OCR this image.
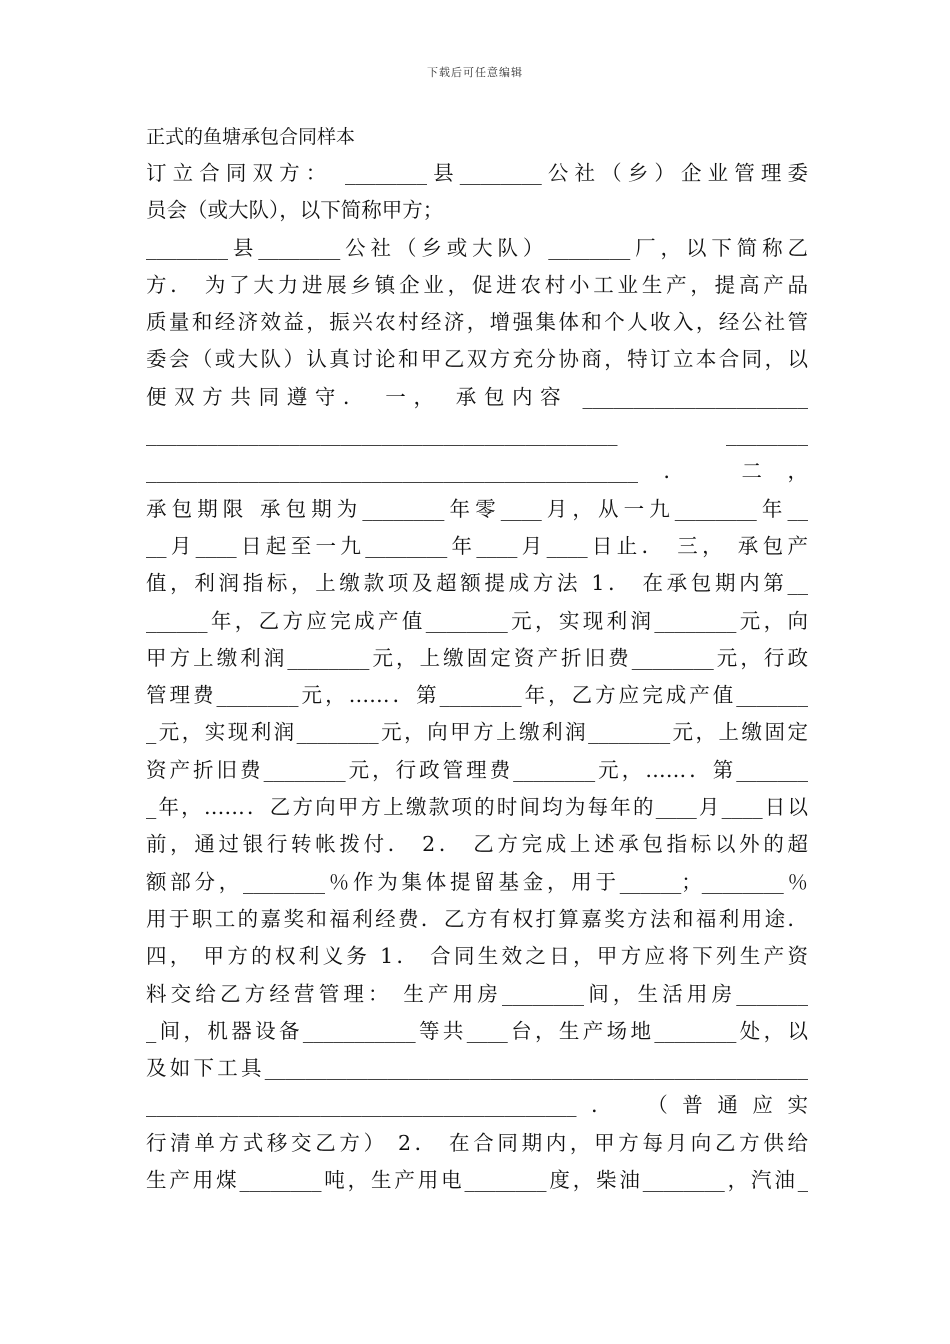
下载后可任意编辑
正式的鱼塘承包合同样本
订立合同双方： ________县________公社（乡）企业管理委
员会（或大队），以下简称甲方；
________县________公社（乡或大队）________厂，以下简称乙
方． 为了大力进展乡镇企业，促进农村小工业生产，提高产品
质量和经济效益，振兴农村经济，增强集体和个人收入，经公社管
委会（或大队）认真讨论和甲乙双方充分协商，特订立本合同，以
便双方共同遵守． 一， 承包内容 ______________________
______________________________________________ ________
________________________________________________． 二，
承包期限 承包期为________年零____月，从一九________年__
__月____日起至一九________年____月____日止． 三， 承包产
值，利润指标，上缴款项及超额提成方法 1． 在承包期内第__
______年，乙方应完成产值________元，实现利润________元，向
甲方上缴利润________元，上缴固定资产折旧费________元，行政
管理费________元，……．第________年，乙方应完成产值_______
_元，实现利润________元，向甲方上缴利润________元，上缴固定
资产折旧费________元，行政管理费________元，……．第_______
_年，……．乙方向甲方上缴款项的时间均为每年的____月____日以
前，通过银行转帐拨付． 2． 乙方完成上述承包指标以外的超
额部分，________％作为集体提留基金，用于______；________％
用于职工的嘉奖和福利经费．乙方有权打算嘉奖方法和福利用途．
四， 甲方的权利义务 1． 合同生效之日，甲方应将下列生产资
料交给乙方经营管理： 生产用房________间，生活用房_______
_间，机器设备___________等共____台，生产场地________处，以
及如下工具_____________________________________________________
__________________________________________． （普通应实
行清单方式移交乙方） 2． 在合同期内，甲方每月向乙方供给
生产用煤________吨，生产用电________度，柴油________，汽油_
